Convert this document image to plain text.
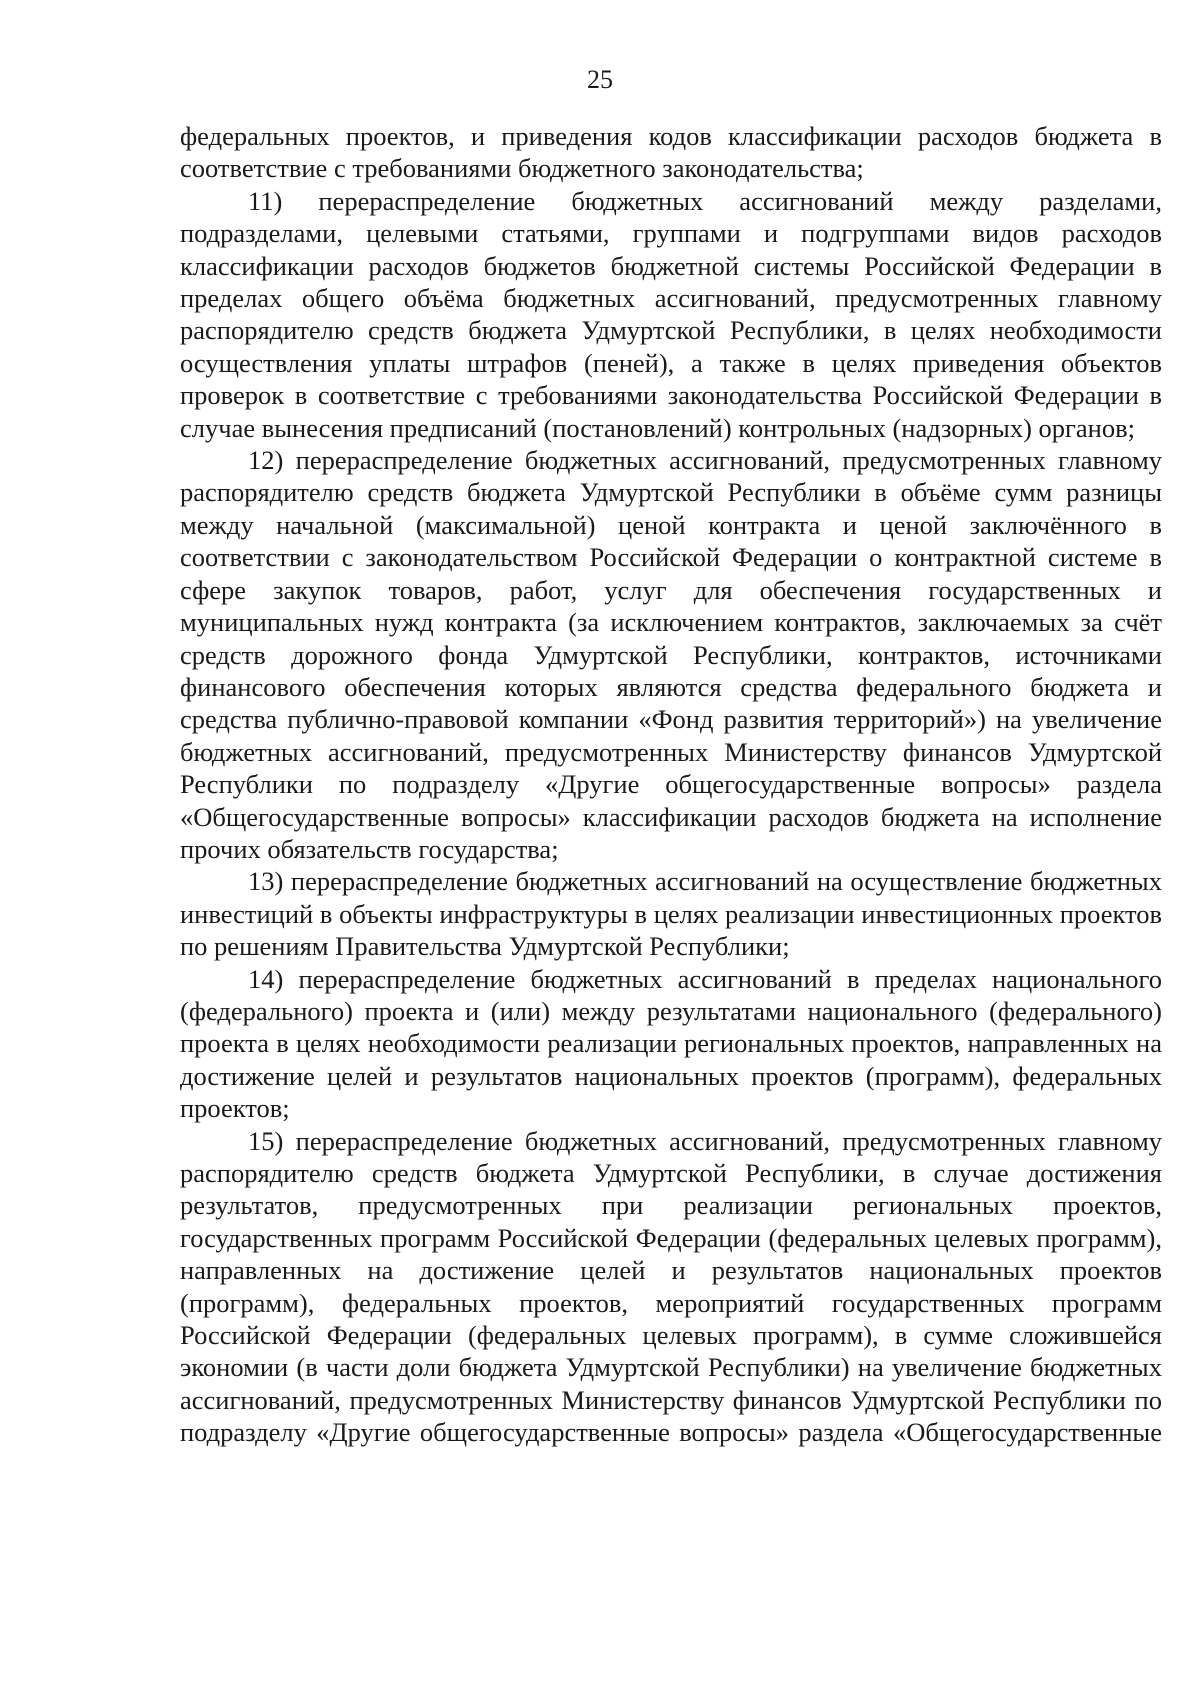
25

федеральных проектов, и приведения кодов классификации расходов бюджета в соответствие с требованиями бюджетного законодательства;

11) перераспределение бюджетных ассигнований между разделами, подразделами, целевыми статьями, группами и подгруппами видов расходов классификации расходов бюджетов бюджетной системы Российской Федерации в пределах общего объёма бюджетных ассигнований, предусмотренных главному распорядителю средств бюджета Удмуртской Республики, в целях необходимости осуществления уплаты штрафов (пеней), а также в целях приведения объектов проверок в соответствие с требованиями законодательства Российской Федерации в случае вынесения предписаний (постановлений) контрольных (надзорных) органов;

12) перераспределение бюджетных ассигнований, предусмотренных главному распорядителю средств бюджета Удмуртской Республики в объёме сумм разницы между начальной (максимальной) ценой контракта и ценой заключённого в соответствии с законодательством Российской Федерации о контрактной системе в сфере закупок товаров, работ, услуг для обеспечения государственных и муниципальных нужд контракта (за исключением контрактов, заключаемых за счёт средств дорожного фонда Удмуртской Республики, контрактов, источниками финансового обеспечения которых являются средства федерального бюджета и средства публично-правовой компании «Фонд развития территорий») на увеличение бюджетных ассигнований, предусмотренных Министерству финансов Удмуртской Республики по подразделу «Другие общегосударственные вопросы» раздела «Общегосударственные вопросы» классификации расходов бюджета на исполнение прочих обязательств государства;

13) перераспределение бюджетных ассигнований на осуществление бюджетных инвестиций в объекты инфраструктуры в целях реализации инвестиционных проектов по решениям Правительства Удмуртской Республики;

14) перераспределение бюджетных ассигнований в пределах национального (федерального) проекта и (или) между результатами национального (федерального) проекта в целях необходимости реализации региональных проектов, направленных на достижение целей и результатов национальных проектов (программ), федеральных проектов;

15) перераспределение бюджетных ассигнований, предусмотренных главному распорядителю средств бюджета Удмуртской Республики, в случае достижения результатов, предусмотренных при реализации региональных проектов, государственных программ Российской Федерации (федеральных целевых программ), направленных на достижение целей и результатов национальных проектов (программ), федеральных проектов, мероприятий государственных программ Российской Федерации (федеральных целевых программ), в сумме сложившейся экономии (в части доли бюджета Удмуртской Республики) на увеличение бюджетных ассигнований, предусмотренных Министерству финансов Удмуртской Республики по подразделу «Другие общегосударственные вопросы» раздела «Общегосударственные
